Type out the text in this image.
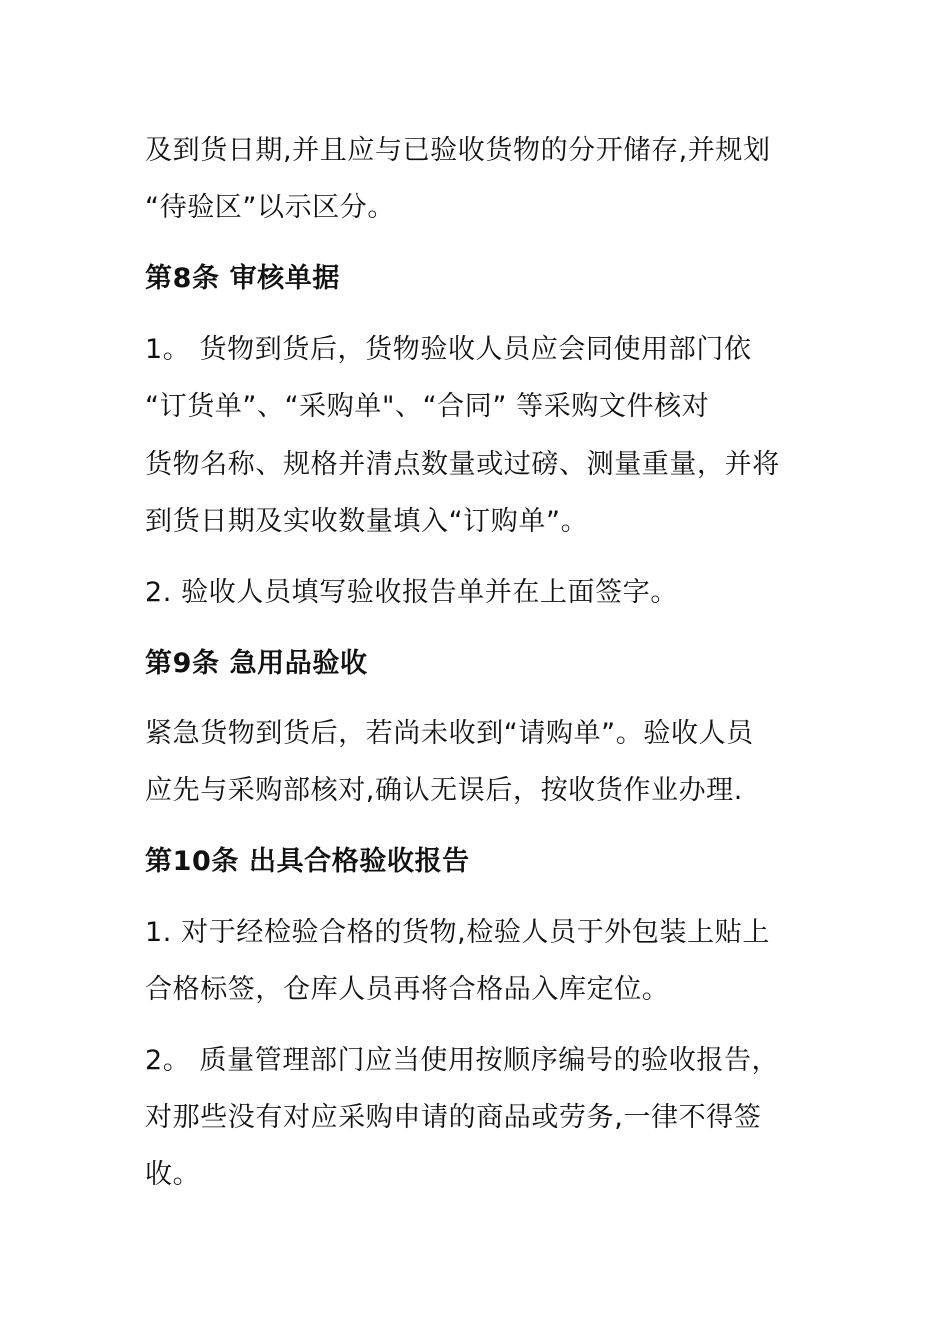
及到货日期,并且应与已验收货物的分开储存,并规划
“待验区”以示区分。
第8条 审核单据
1。 货物到货后，货物验收人员应会同使用部门依
“订货单”、“采购单"、“合同” 等采购文件核对
货物名称、规格并清点数量或过磅、测量重量，并将
到货日期及实收数量填入“订购单”。
2. 验收人员填写验收报告单并在上面签字。
第9条 急用品验收
紧急货物到货后，若尚未收到“请购单”。验收人员
应先与采购部核对,确认无误后，按收货作业办理.
第10条 出具合格验收报告
1. 对于经检验合格的货物,检验人员于外包装上贴上
合格标签，仓库人员再将合格品入库定位。
2。 质量管理部门应当使用按顺序编号的验收报告，
对那些没有对应采购申请的商品或劳务,一律不得签
收。
